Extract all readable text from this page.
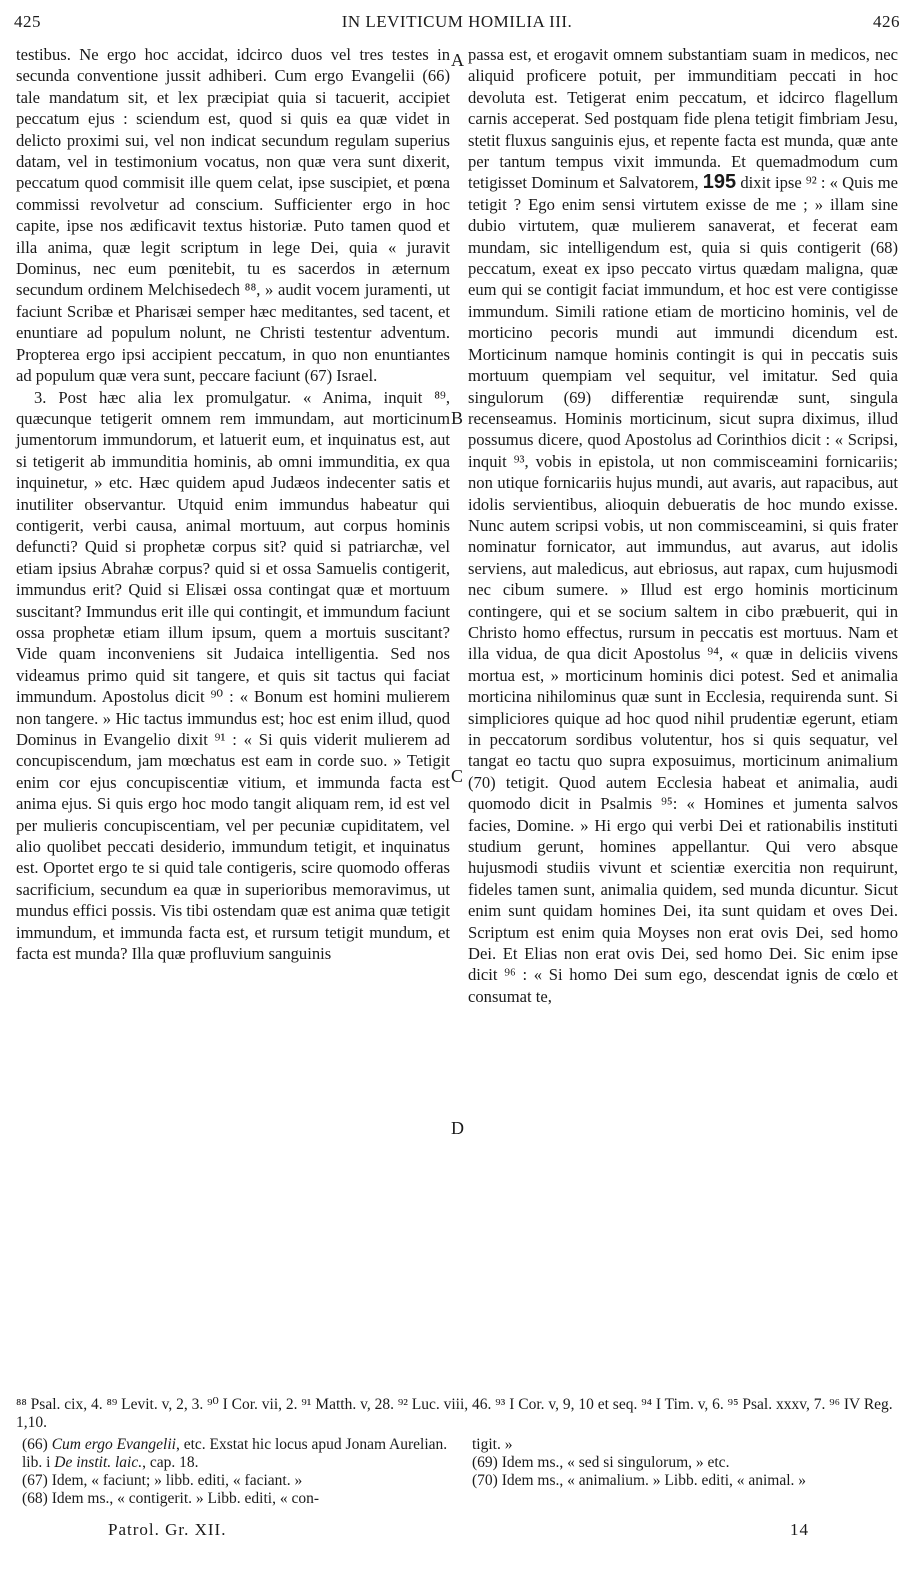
425	IN LEVITICUM HOMILIA III.	426

testibus. Ne ergo hoc accidat, idcirco duos vel tres testes in secunda conventione jussit adhiberi. Cum ergo Evangelii (66) tale mandatum sit, et lex præcipiat quia si tacuerit, accipiet peccatum ejus : sciendum est, quod si quis ea quæ videt in delicto proximi sui, vel non indicat secundum regulam superius datam, vel in testimonium vocatus, non quæ vera sunt dixerit, peccatum quod commisit ille quem celat, ipse suscipiet, et pœna commissi revolvetur ad conscium. Sufficienter ergo in hoc capite, ipse nos ædificavit textus historiæ. Puto tamen quod et illa anima, quæ legit scriptum in lege Dei, quia « juravit Dominus, nec eum pœnitebit, tu es sacerdos in æternum secundum ordinem Melchisedech ⁸⁸, » audit vocem juramenti, ut faciunt Scribæ et Pharisæi semper hæc meditantes, sed tacent, et enuntiare ad populum nolunt, ne Christi testentur adventum. Propterea ergo ipsi accipient peccatum, in quo non enuntiantes ad populum quæ vera sunt, peccare faciunt (67) Israel.

3. Post hæc alia lex promulgatur. « Anima, inquit ⁸⁹, quæcunque tetigerit omnem rem immundam, aut morticinum jumentorum immundorum, et latuerit eum, et inquinatus est, aut si tetigerit ab immunditia hominis, ab omni immunditia, ex qua inquinetur, » etc. Hæc quidem apud Judæos indecenter satis et inutiliter observantur. Utquid enim immundus habeatur qui contigerit, verbi causa, animal mortuum, aut corpus hominis defuncti? Quid si prophetæ corpus sit? quid si patriarchæ, vel etiam ipsius Abrahæ corpus? quid si et ossa Samuelis contigerit, immundus erit? Quid si Elisæi ossa contingat quæ et mortuum suscitant? Immundus erit ille qui contingit, et immundum faciunt ossa prophetæ etiam illum ipsum, quem a mortuis suscitant? Vide quam inconveniens sit Judaica intelligentia. Sed nos videamus primo quid sit tangere, et quis sit tactus qui faciat immundum. Apostolus dicit ⁹⁰ : « Bonum est homini mulierem non tangere. » Hic tactus immundus est; hoc est enim illud, quod Dominus in Evangelio dixit ⁹¹ : « Si quis viderit mulierem ad concupiscendum, jam mœchatus est eam in corde suo. » Tetigit enim cor ejus concupiscentiæ vitium, et immunda facta est anima ejus. Si quis ergo hoc modo tangit aliquam rem, id est vel per mulieris concupiscentiam, vel per pecuniæ cupiditatem, vel alio quolibet peccati desiderio, immundum tetigit, et inquinatus est. Oportet ergo te si quid tale contigeris, scire quomodo offeras sacrificium, secundum ea quæ in superioribus memoravimus, ut mundus effici possis. Vis tibi ostendam quæ est anima quæ tetigit immundum, et immunda facta est, et rursum tetigit mundum, et facta est munda? Illa quæ profluvium sanguinis

passa est, et erogavit omnem substantiam suam in medicos, nec aliquid proficere potuit, per immunditiam peccati in hoc devoluta est. Tetigerat enim peccatum, et idcirco flagellum carnis acceperat. Sed postquam fide plena tetigit fimbriam Jesu, stetit fluxus sanguinis ejus, et repente facta est munda, quæ ante per tantum tempus vixit immunda. Et quemadmodum cum tetigisset Dominum et Salvatorem, 195 dixit ipse ⁹² : « Quis me tetigit ? Ego enim sensi virtutem exisse de me ; » illam sine dubio virtutem, quæ mulierem sanaverat, et fecerat eam mundam, sic intelligendum est, quia si quis contigerit (68) peccatum, exeat ex ipso peccato virtus quædam maligna, quæ eum qui se contigit faciat immundum, et hoc est vere contigisse immundum. Simili ratione etiam de morticino hominis, vel de morticino pecoris mundi aut immundi dicendum est. Morticinum namque hominis contingit is qui in peccatis suis mortuum quempiam vel sequitur, vel imitatur. Sed quia singulorum (69) differentiæ requirendæ sunt, singula recenseamus. Hominis morticinum, sicut supra diximus, illud possumus dicere, quod Apostolus ad Corinthios dicit : « Scripsi, inquit ⁹³, vobis in epistola, ut non commisceamini fornicariis; non utique fornicariis hujus mundi, aut avaris, aut rapacibus, aut idolis servientibus, alioquin debueratis de hoc mundo exisse. Nunc autem scripsi vobis, ut non commisceamini, si quis frater nominatur fornicator, aut immundus, aut avarus, aut idolis serviens, aut maledicus, aut ebriosus, aut rapax, cum hujusmodi nec cibum sumere. » Illud est ergo hominis morticinum contingere, qui et se socium saltem in cibo præbuerit, qui in Christo homo effectus, rursum in peccatis est mortuus. Nam et illa vidua, de qua dicit Apostolus ⁹⁴, « quæ in deliciis vivens mortua est, » morticinum hominis dici potest. Sed et animalia morticina nihilominus quæ sunt in Ecclesia, requirenda sunt. Si simpliciores quique ad hoc quod nihil prudentiæ egerunt, etiam in peccatorum sordibus volutentur, hos si quis sequatur, vel tangat eo tactu quo supra exposuimus, morticinum animalium (70) tetigit. Quod autem Ecclesia habeat et animalia, audi quomodo dicit in Psalmis ⁹⁵: « Homines et jumenta salvos facies, Domine. » Hi ergo qui verbi Dei et rationabilis instituti studium gerunt, homines appellantur. Qui vero absque hujusmodi studiis vivunt et scientiæ exercitia non requirunt, fideles tamen sunt, animalia quidem, sed munda dicuntur. Sicut enim sunt quidam homines Dei, ita sunt quidam et oves Dei. Scriptum est enim quia Moyses non erat ovis Dei, sed homo Dei. Et Elias non erat ovis Dei, sed homo Dei. Sic enim ipse dicit ⁹⁶ : « Si homo Dei sum ego, descendat ignis de cœlo et consumat te,

A
B
C
D
⁸⁸ Psal. cix, 4. ⁸⁹ Levit. v, 2, 3. ⁹⁰ I Cor. vii, 2. ⁹¹ Matth. v, 28. ⁹² Luc. viii, 46. ⁹³ I Cor. v, 9, 10 et seq. ⁹⁴ I Tim. v, 6. ⁹⁵ Psal. xxxv, 7. ⁹⁶ IV Reg. 1,10.

(66) Cum ergo Evangelii, etc. Exstat hic locus apud Jonam Aurelian. lib. i De instit. laic., cap. 18.

(67) Idem, « faciunt; » libb. editi, « faciant. »

(68) Idem ms., « contigerit. » Libb. editi, « con-

tigit. »

(69) Idem ms., « sed si singulorum, » etc.

(70) Idem ms., « animalium. » Libb. editi, « animal. »

Patrol. Gr. XII.	14
